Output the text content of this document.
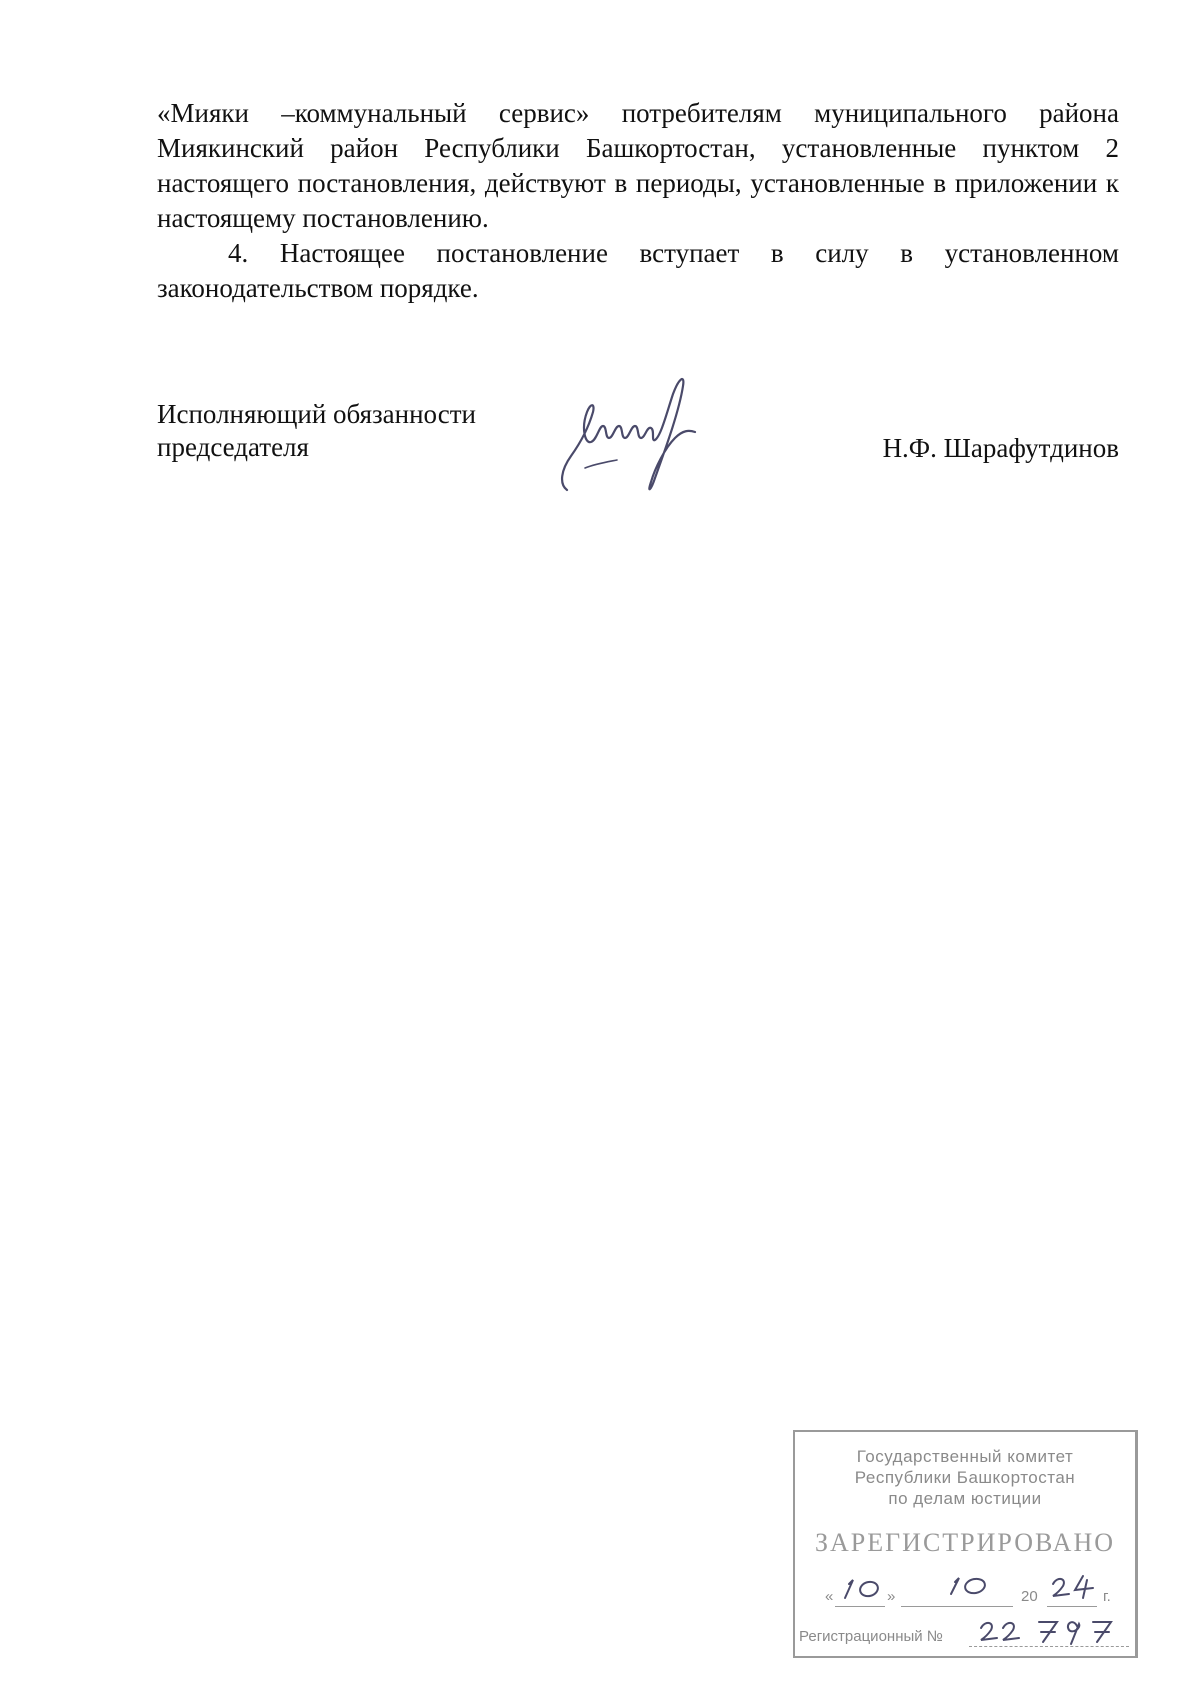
«Мияки –коммунальный сервис» потребителям муниципального района Миякинский район Республики Башкортостан, установленные пунктом 2 настоящего постановления, действуют в периоды, установленные в приложении к настоящему постановлению.

4. Настоящее постановление вступает в силу в установленном законодательством порядке.

Исполняющий обязанности
председателя	Н.Ф. Шарафутдинов
Государственный комитет
Республики Башкортостан
по делам юстиции
ЗАРЕГИСТРИРОВАНО
«	»	20	г.
Регистрационный №
